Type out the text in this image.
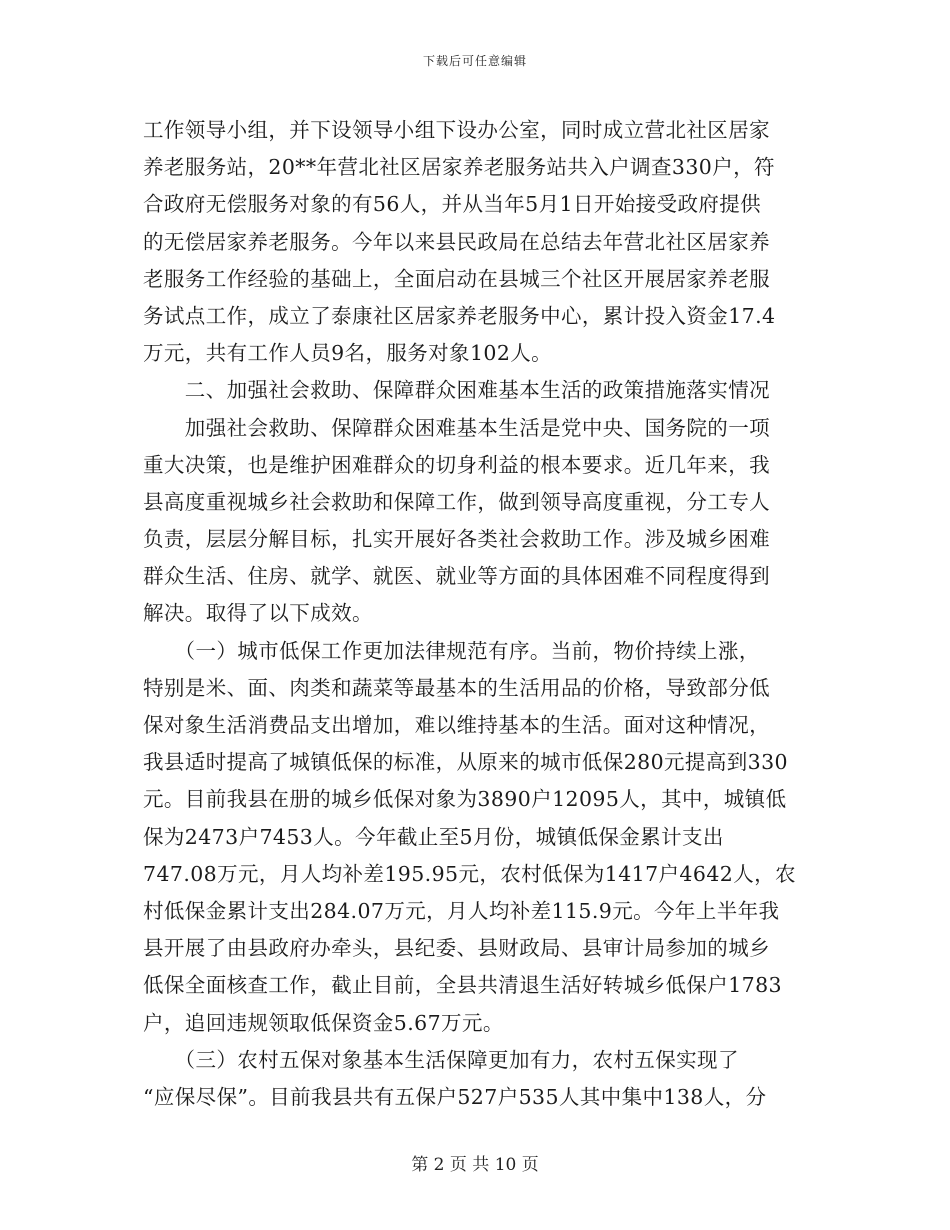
下载后可任意编辑
工作领导小组，并下设领导小组下设办公室，同时成立营北社区居家
养老服务站，20**年营北社区居家养老服务站共入户调查330户，符
合政府无偿服务对象的有56人，并从当年5月1日开始接受政府提供
的无偿居家养老服务。今年以来县民政局在总结去年营北社区居家养
老服务工作经验的基础上，全面启动在县城三个社区开展居家养老服
务试点工作，成立了泰康社区居家养老服务中心，累计投入资金17.4
万元，共有工作人员9名，服务对象102人。
　　二、加强社会救助、保障群众困难基本生活的政策措施落实情况
　　加强社会救助、保障群众困难基本生活是党中央、国务院的一项
重大决策，也是维护困难群众的切身利益的根本要求。近几年来，我
县高度重视城乡社会救助和保障工作，做到领导高度重视，分工专人
负责，层层分解目标，扎实开展好各类社会救助工作。涉及城乡困难
群众生活、住房、就学、就医、就业等方面的具体困难不同程度得到
解决。取得了以下成效。
　　（一）城市低保工作更加法律规范有序。当前，物价持续上涨，
特别是米、面、肉类和蔬菜等最基本的生活用品的价格，导致部分低
保对象生活消费品支出增加，难以维持基本的生活。面对这种情况，
我县适时提高了城镇低保的标准，从原来的城市低保280元提高到330
元。目前我县在册的城乡低保对象为3890户12095人，其中，城镇低
保为2473户7453人。今年截止至5月份，城镇低保金累计支出
747.08万元，月人均补差195.95元，农村低保为1417户4642人，农
村低保金累计支出284.07万元，月人均补差115.9元。今年上半年我
县开展了由县政府办牵头，县纪委、县财政局、县审计局参加的城乡
低保全面核查工作，截止目前，全县共清退生活好转城乡低保户1783
户，追回违规领取低保资金5.67万元。
　　（三）农村五保对象基本生活保障更加有力，农村五保实现了
“应保尽保”。目前我县共有五保户527户535人其中集中138人，分
第 2 页 共 10 页
